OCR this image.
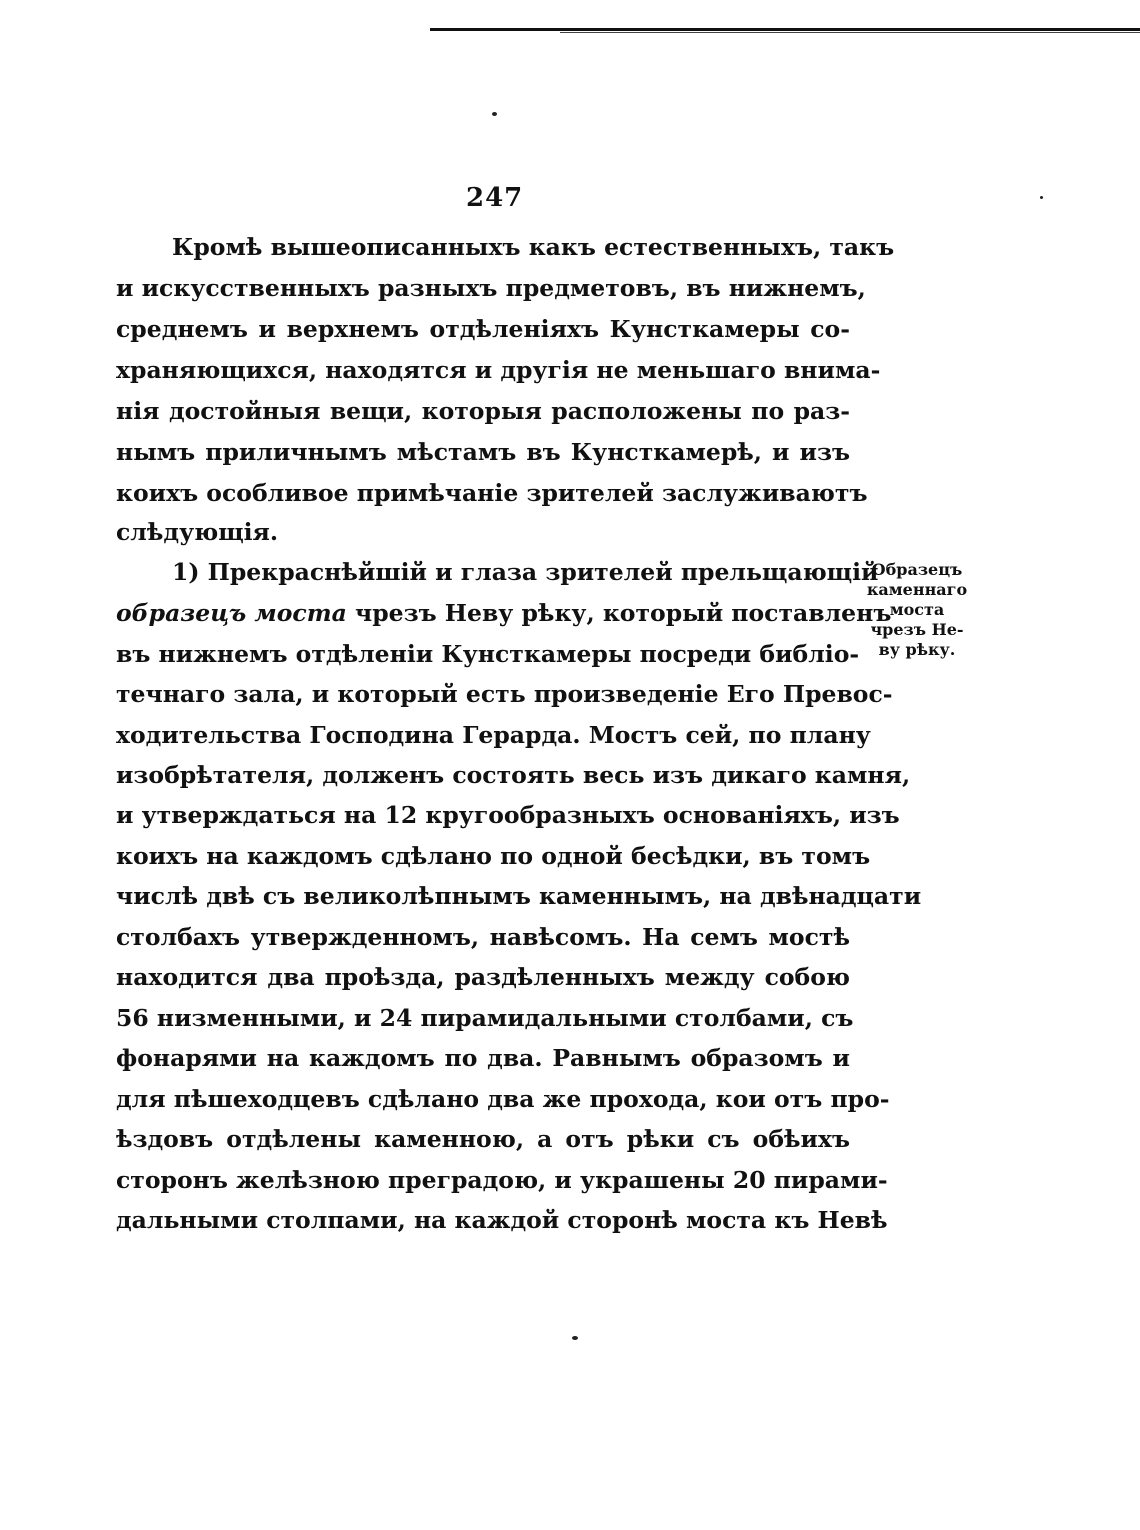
247
Кромѣ вышеописанныхъ какъ естественныхъ, такъ
и искусственныхъ разныхъ предметовъ, въ нижнемъ,
среднемъ и верхнемъ отдѣленiяхъ Кунсткамеры со-
храняющихся, находятся и другiя не меньшаго внима-
нiя достойныя вещи, которыя расположены по раз-
нымъ приличнымъ мѣстамъ въ Кунсткамерѣ, и изъ
коихъ особливое примѣчанiе зрителей заслуживаютъ
слѣдующiя.
1) Прекраснѣйшiй и глаза зрителей прельщающiй
образецъ моста чрезъ Неву рѣку, который поставленъ
въ нижнемъ отдѣленiи Кунсткамеры посреди библiо-
течнаго зала, и который есть произведенiе Его Превос-
ходительства Господина Герарда. Мостъ сей, по плану
изобрѣтателя, долженъ состоять весь изъ дикаго камня,
и утверждаться на 12 кругообразныхъ основанiяхъ, изъ
коихъ на каждомъ сдѣлано по одной бесѣдки, въ томъ
числѣ двѣ съ великолѣпнымъ каменнымъ, на двѣнадцати
столбахъ утвержденномъ, навѣсомъ. На семъ мостѣ
находится два проѣзда, раздѣленныхъ между собою
56 низменными, и 24 пирамидальными столбами, съ
фонарями на каждомъ по два. Равнымъ образомъ и
для пѣшеходцевъ сдѣлано два же прохода, кои отъ про-
ѣздовъ отдѣлены каменною, а отъ рѣки съ обѣихъ
сторонъ желѣзною преградою, и украшены 20 пирами-
дальными столпами, на каждой сторонѣ моста къ Невѣ
Образецъ
каменнаго
моста
чрезъ Не-
ву рѣку.
